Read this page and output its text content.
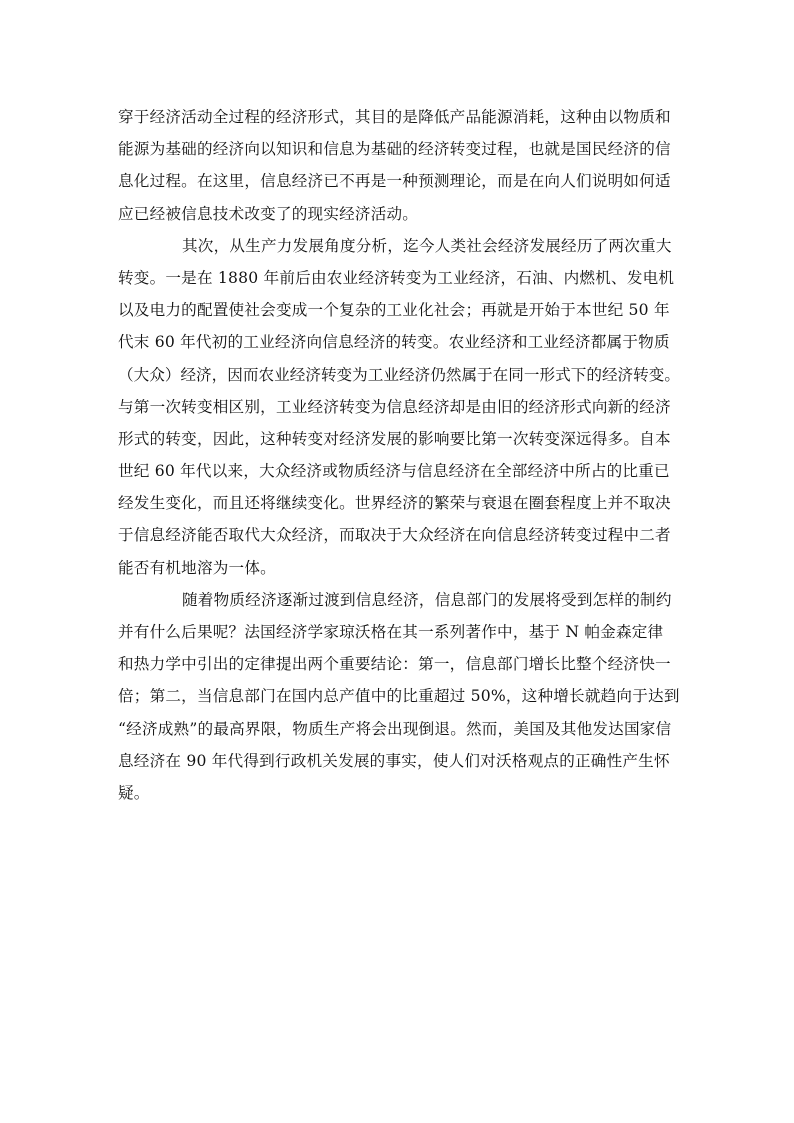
穿于经济活动全过程的经济形式，其目的是降低产品能源消耗，这种由以物质和
能源为基础的经济向以知识和信息为基础的经济转变过程，也就是国民经济的信
息化过程。在这里，信息经济已不再是一种预测理论，而是在向人们说明如何适
应已经被信息技术改变了的现实经济活动。

其次，从生产力发展角度分析，迄今人类社会经济发展经历了两次重大
转变。一是在 1880 年前后由农业经济转变为工业经济，石油、内燃机、发电机
以及电力的配置使社会变成一个复杂的工业化社会；再就是开始于本世纪 50 年
代末 60 年代初的工业经济向信息经济的转变。农业经济和工业经济都属于物质
（大众）经济，因而农业经济转变为工业经济仍然属于在同一形式下的经济转变。
与第一次转变相区别，工业经济转变为信息经济却是由旧的经济形式向新的经济
形式的转变，因此，这种转变对经济发展的影响要比第一次转变深远得多。自本
世纪 60 年代以来，大众经济或物质经济与信息经济在全部经济中所占的比重已
经发生变化，而且还将继续变化。世界经济的繁荣与衰退在圈套程度上并不取决
于信息经济能否取代大众经济，而取决于大众经济在向信息经济转变过程中二者
能否有机地溶为一体。

随着物质经济逐渐过渡到信息经济，信息部门的发展将受到怎样的制约
并有什么后果呢？法国经济学家琼沃格在其一系列著作中，基于 N 帕金森定律
和热力学中引出的定律提出两个重要结论：第一，信息部门增长比整个经济快一
倍；第二，当信息部门在国内总产值中的比重超过 50%，这种增长就趋向于达到
“经济成熟”的最高界限，物质生产将会出现倒退。然而，美国及其他发达国家信
息经济在 90 年代得到行政机关发展的事实，使人们对沃格观点的正确性产生怀
疑。
